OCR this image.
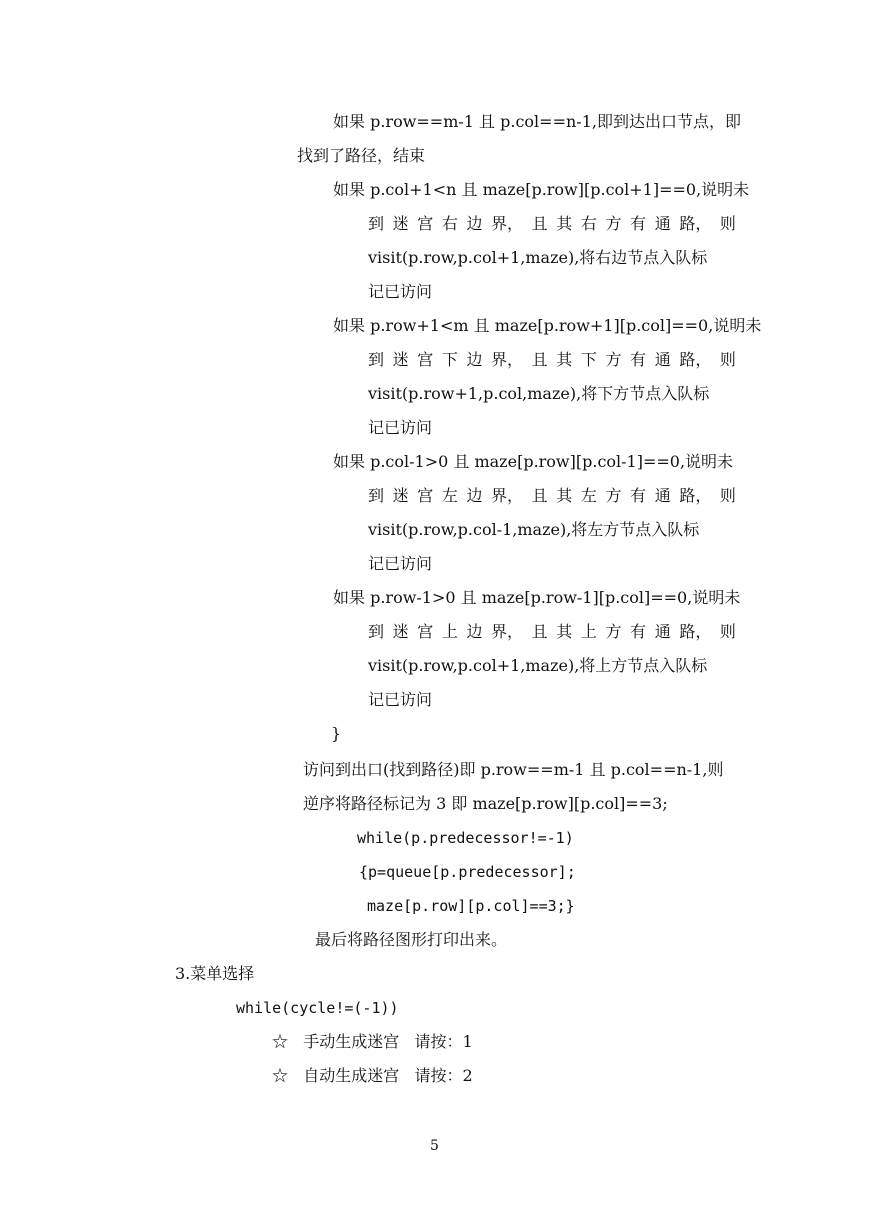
如果 p.row==m-1 且 p.col==n-1,即到达出口节点，即
找到了路径，结束
如果 p.col+1<n 且 maze[p.row][p.col+1]==0,说明未
到 迷 宫 右 边 界， 且 其 右 方 有 通 路， 则
visit(p.row,p.col+1,maze),将右边节点入队标
记已访问
如果 p.row+1<m 且 maze[p.row+1][p.col]==0,说明未
到 迷 宫 下 边 界， 且 其 下 方 有 通 路， 则
visit(p.row+1,p.col,maze),将下方节点入队标
记已访问
如果 p.col-1>0 且 maze[p.row][p.col-1]==0,说明未
到 迷 宫 左 边 界， 且 其 左 方 有 通 路， 则
visit(p.row,p.col-1,maze),将左方节点入队标
记已访问
如果 p.row-1>0 且 maze[p.row-1][p.col]==0,说明未
到 迷 宫 上 边 界， 且 其 上 方 有 通 路， 则
visit(p.row,p.col+1,maze),将上方节点入队标
记已访问
}
访问到出口(找到路径)即 p.row==m-1 且 p.col==n-1,则
逆序将路径标记为 3 即 maze[p.row][p.col]==3;
while(p.predecessor!=-1)
{p=queue[p.predecessor];
maze[p.row][p.col]==3;}
最后将路径图形打印出来。
3.菜单选择
while(cycle!=(-1))
☆   手动生成迷宫   请按：1
☆   自动生成迷宫   请按：2
5
